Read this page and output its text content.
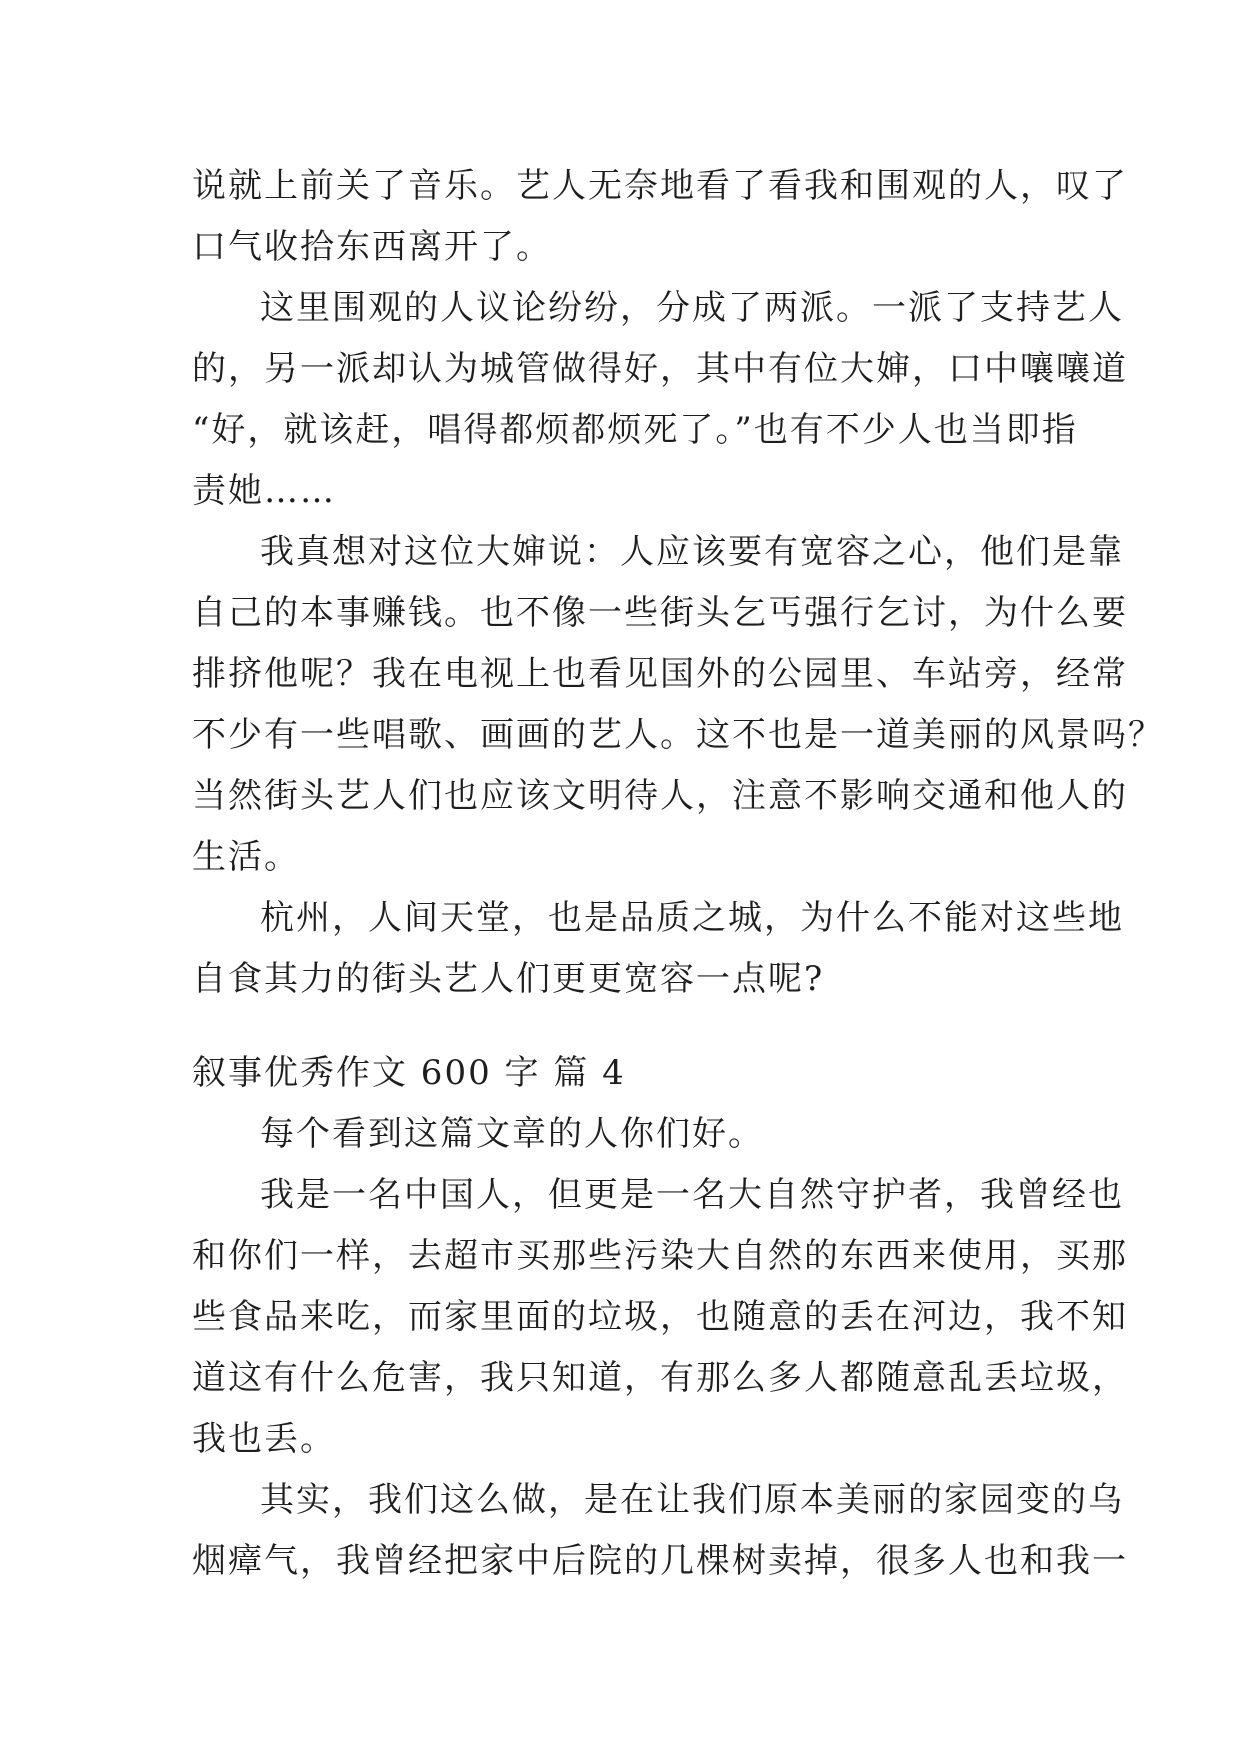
说就上前关了音乐。艺人无奈地看了看我和围观的人，叹了
口气收拾东西离开了。
这里围观的人议论纷纷，分成了两派。一派了支持艺人
的，另一派却认为城管做得好，其中有位大婶，口中嚷嚷道
“好，就该赶，唱得都烦都烦死了。”也有不少人也当即指
责她……
我真想对这位大婶说：人应该要有宽容之心，他们是靠
自己的本事赚钱。也不像一些街头乞丐强行乞讨，为什么要
排挤他呢？我在电视上也看见国外的公园里、车站旁，经常
不少有一些唱歌、画画的艺人。这不也是一道美丽的风景吗？
当然街头艺人们也应该文明待人，注意不影响交通和他人的
生活。
杭州，人间天堂，也是品质之城，为什么不能对这些地
自食其力的街头艺人们更更宽容一点呢?
叙事优秀作文 600 字 篇 4
每个看到这篇文章的人你们好。
我是一名中国人，但更是一名大自然守护者，我曾经也
和你们一样，去超市买那些污染大自然的东西来使用，买那
些食品来吃，而家里面的垃圾，也随意的丢在河边，我不知
道这有什么危害，我只知道，有那么多人都随意乱丢垃圾，
我也丢。
其实，我们这么做，是在让我们原本美丽的家园变的乌
烟瘴气，我曾经把家中后院的几棵树卖掉，很多人也和我一
